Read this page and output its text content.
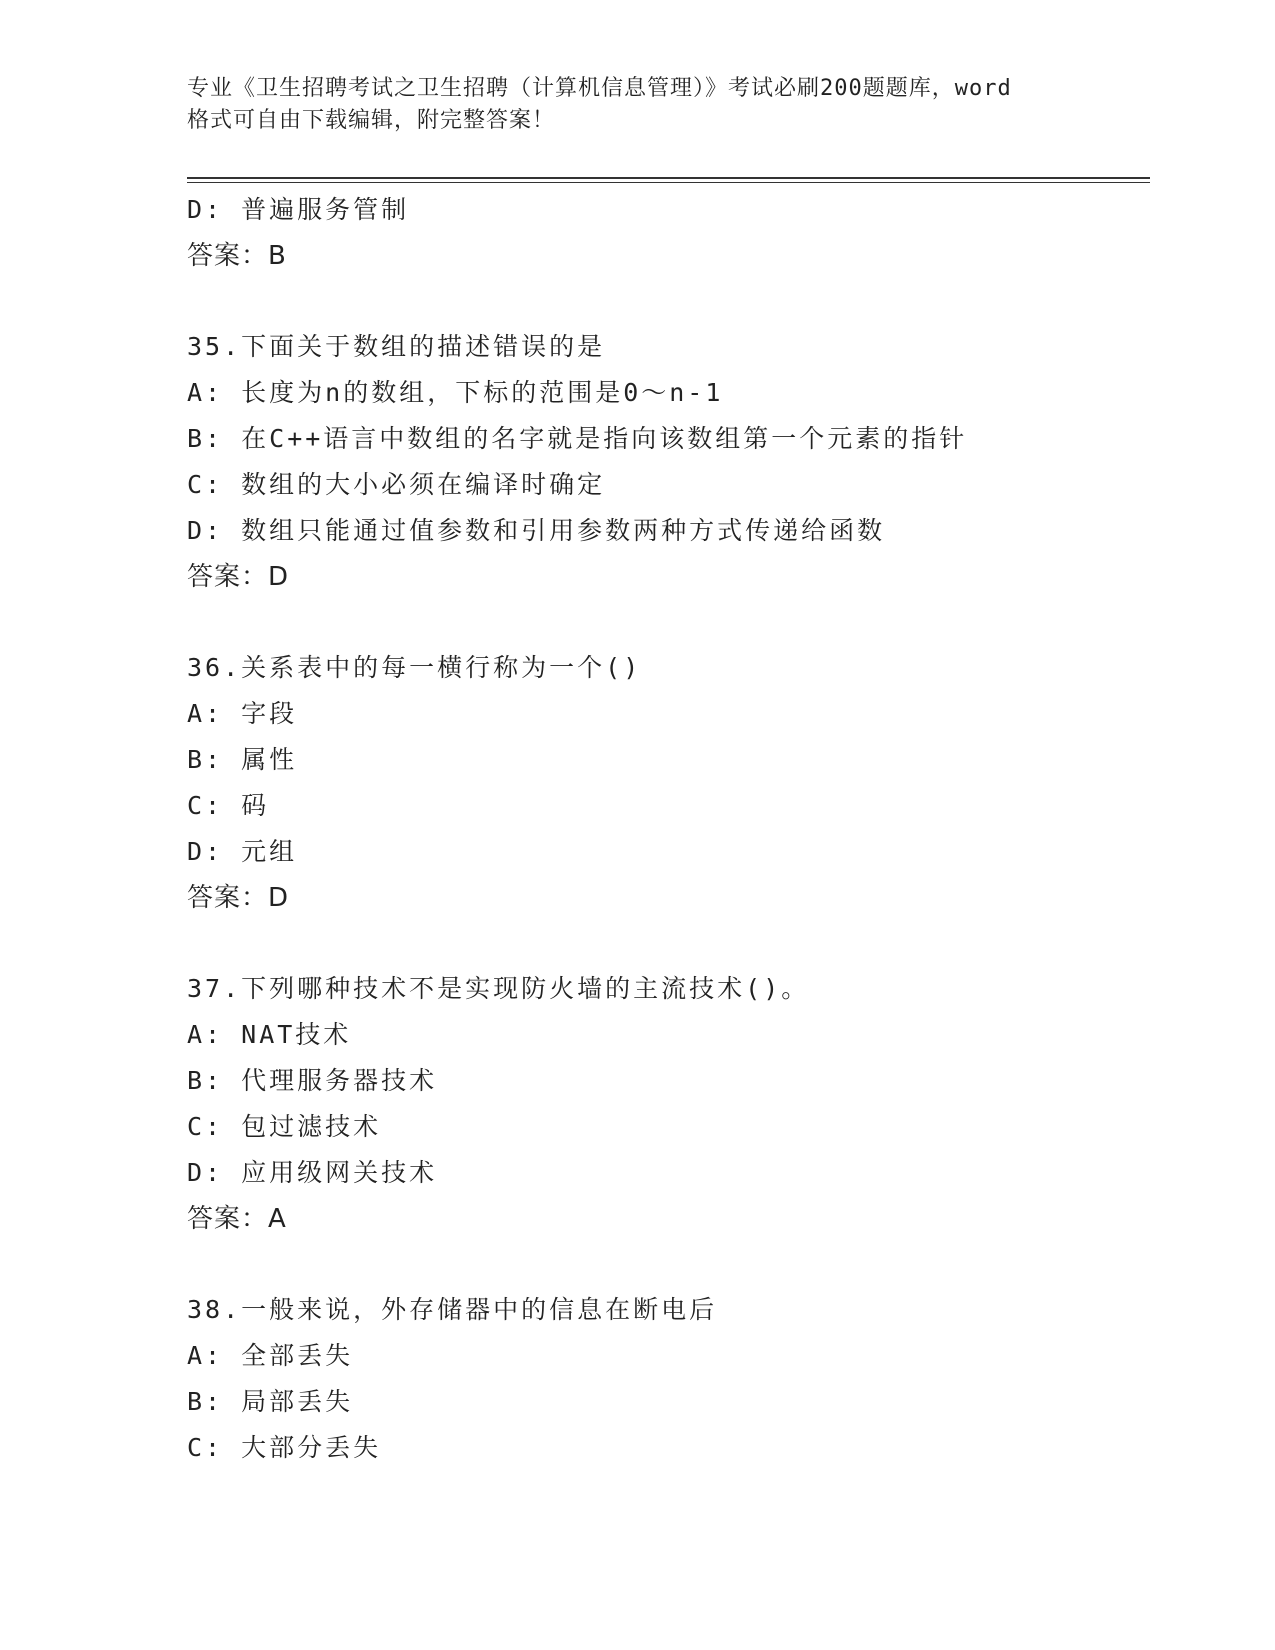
专业《卫生招聘考试之卫生招聘（计算机信息管理）》考试必刷200题题库，word
格式可自由下载编辑，附完整答案！
D: 普遍服务管制
答案：B
35.下面关于数组的描述错误的是
A: 长度为n的数组，下标的范围是0～n-1
B: 在C++语言中数组的名字就是指向该数组第一个元素的指针
C: 数组的大小必须在编译时确定
D: 数组只能通过值参数和引用参数两种方式传递给函数
答案：D
36.关系表中的每一横行称为一个()
A: 字段
B: 属性
C: 码
D: 元组
答案：D
37.下列哪种技术不是实现防火墙的主流技术()。
A: NAT技术
B: 代理服务器技术
C: 包过滤技术
D: 应用级网关技术
答案：A
38.一般来说，外存储器中的信息在断电后
A: 全部丢失
B: 局部丢失
C: 大部分丢失
